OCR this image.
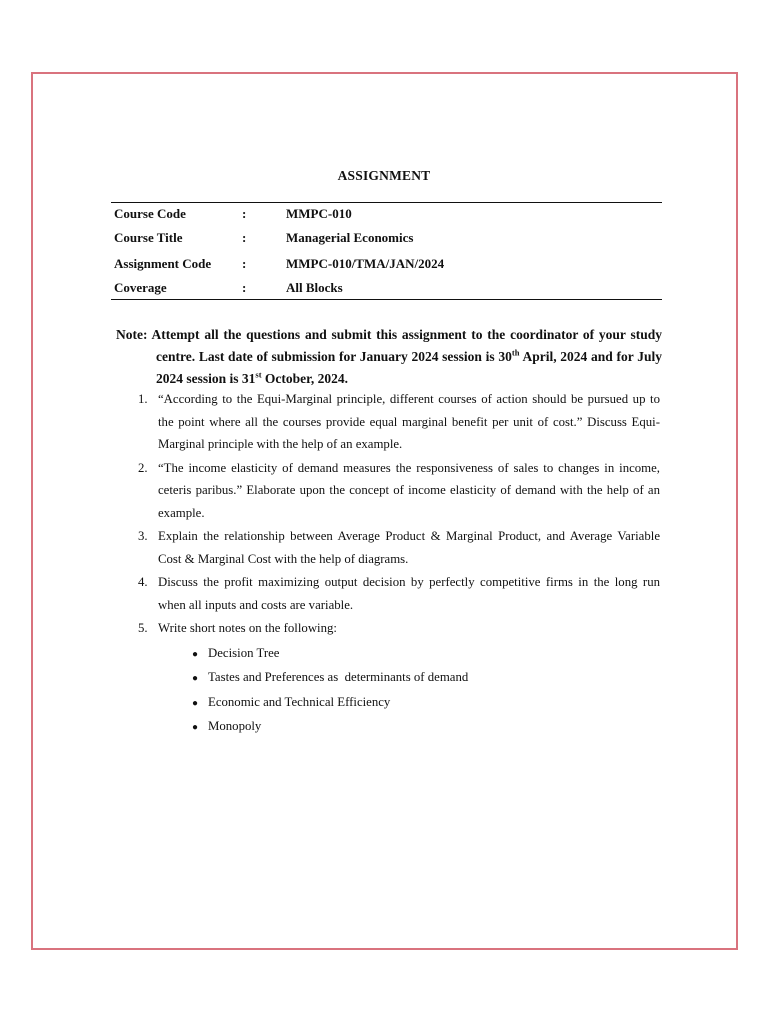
ASSIGNMENT
Course Code	:	MMPC-010
Course Title	:	Managerial Economics
Assignment Code	:	MMPC-010/TMA/JAN/2024
Coverage	:	All Blocks

Note: Attempt all the questions and submit this assignment to the coordinator of your study centre. Last date of submission for January 2024 session is 30th April, 2024 and for July 2024 session is 31st October, 2024.

1. “According to the Equi-Marginal principle, different courses of action should be pursued up to the point where all the courses provide equal marginal benefit per unit of cost.” Discuss Equi-Marginal principle with the help of an example.
2. “The income elasticity of demand measures the responsiveness of sales to changes in income, ceteris paribus.” Elaborate upon the concept of income elasticity of demand with the help of an example.
3. Explain the relationship between Average Product & Marginal Product, and Average Variable Cost & Marginal Cost with the help of diagrams.
4. Discuss the profit maximizing output decision by perfectly competitive firms in the long run when all inputs and costs are variable.
5. Write short notes on the following:
● Decision Tree
● Tastes and Preferences as  determinants of demand
● Economic and Technical Efficiency
● Monopoly
